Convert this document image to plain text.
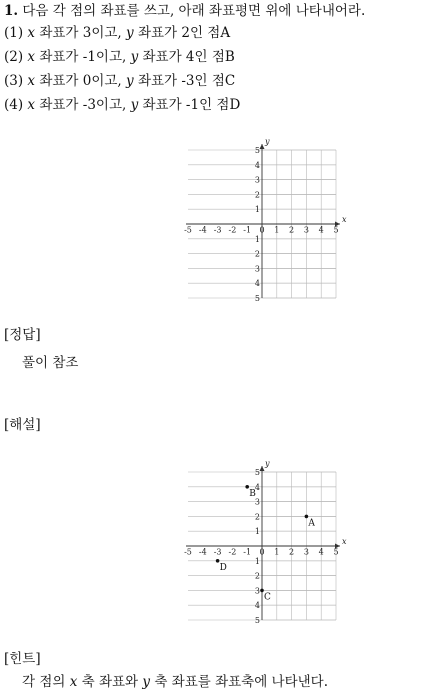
1. 다음 각 점의 좌표를 쓰고, 아래 좌표평면 위에 나타내어라.
(1) x 좌표가 3이고, y 좌표가 2인 점A
(2) x 좌표가 -1이고, y 좌표가 4인 점B
(3) x 좌표가 0이고, y 좌표가 -3인 점C
(4) x 좌표가 -3이고, y 좌표가 -1인 점D
x
y
-5 -4 -3 -2 -1 0 1 2 3 4 5
5
4
3
2
1
1
2
3
4
5
[정답]
풀이 참조
[해설]
x
y
-5 -4 -3 -2 -1 0 1 2 3 4 5
5
4
3
2
1
1
2
3
4
5
A
B
C
D
[힌트]
각 점의 x 축 좌표와 y 축 좌표를 좌표축에 나타낸다.
